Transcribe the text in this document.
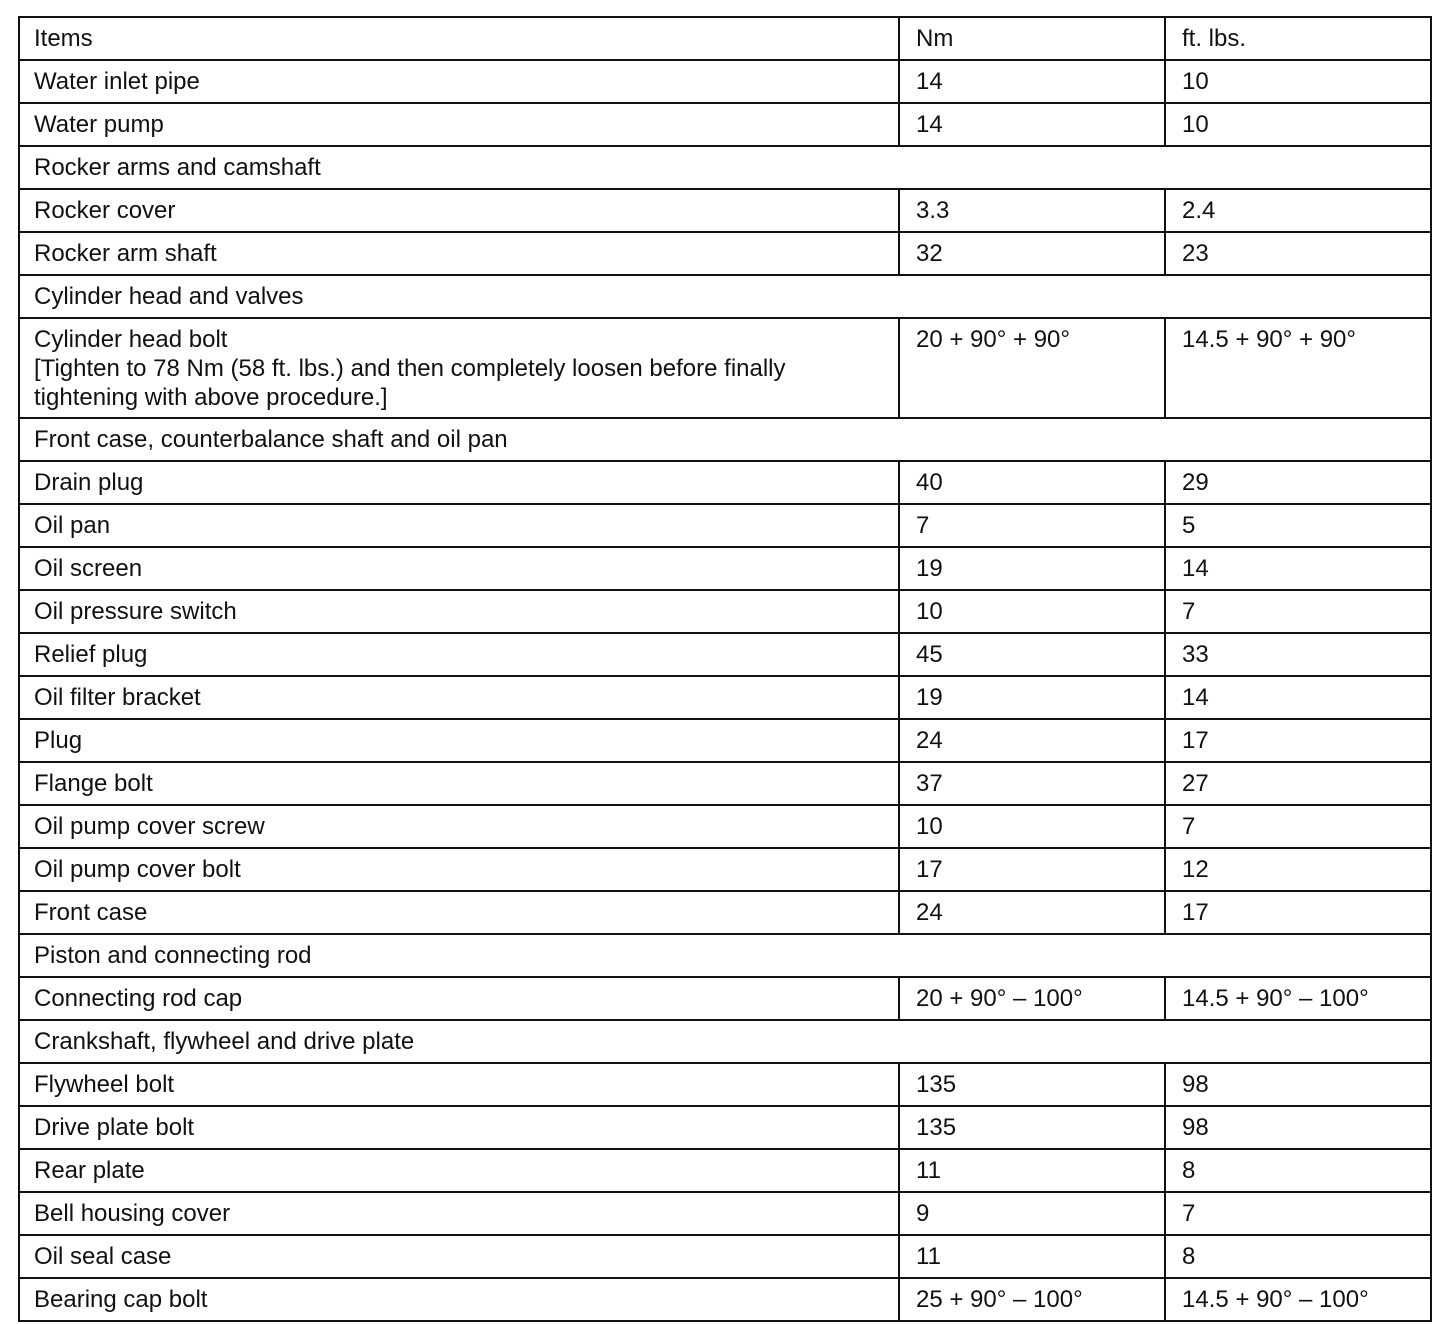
Items	Nm	ft. lbs.
Water inlet pipe	14	10
Water pump	14	10
Rocker arms and camshaft		
Rocker cover	3.3	2.4
Rocker arm shaft	32	23
Cylinder head and valves		
Cylinder head bolt
[Tighten to 78 Nm (58 ft. lbs.) and then completely loosen before finally tightening with above procedure.]	20 + 90° + 90°	14.5 + 90° + 90°
Front case, counterbalance shaft and oil pan		
Drain plug	40	29
Oil pan	7	5
Oil screen	19	14
Oil pressure switch	10	7
Relief plug	45	33
Oil filter bracket	19	14
Plug	24	17
Flange bolt	37	27
Oil pump cover screw	10	7
Oil pump cover bolt	17	12
Front case	24	17
Piston and connecting rod		
Connecting rod cap	20 + 90° – 100°	14.5 + 90° – 100°
Crankshaft, flywheel and drive plate		
Flywheel bolt	135	98
Drive plate bolt	135	98
Rear plate	11	8
Bell housing cover	9	7
Oil seal case	11	8
Bearing cap bolt	25 + 90° – 100°	14.5 + 90° – 100°
